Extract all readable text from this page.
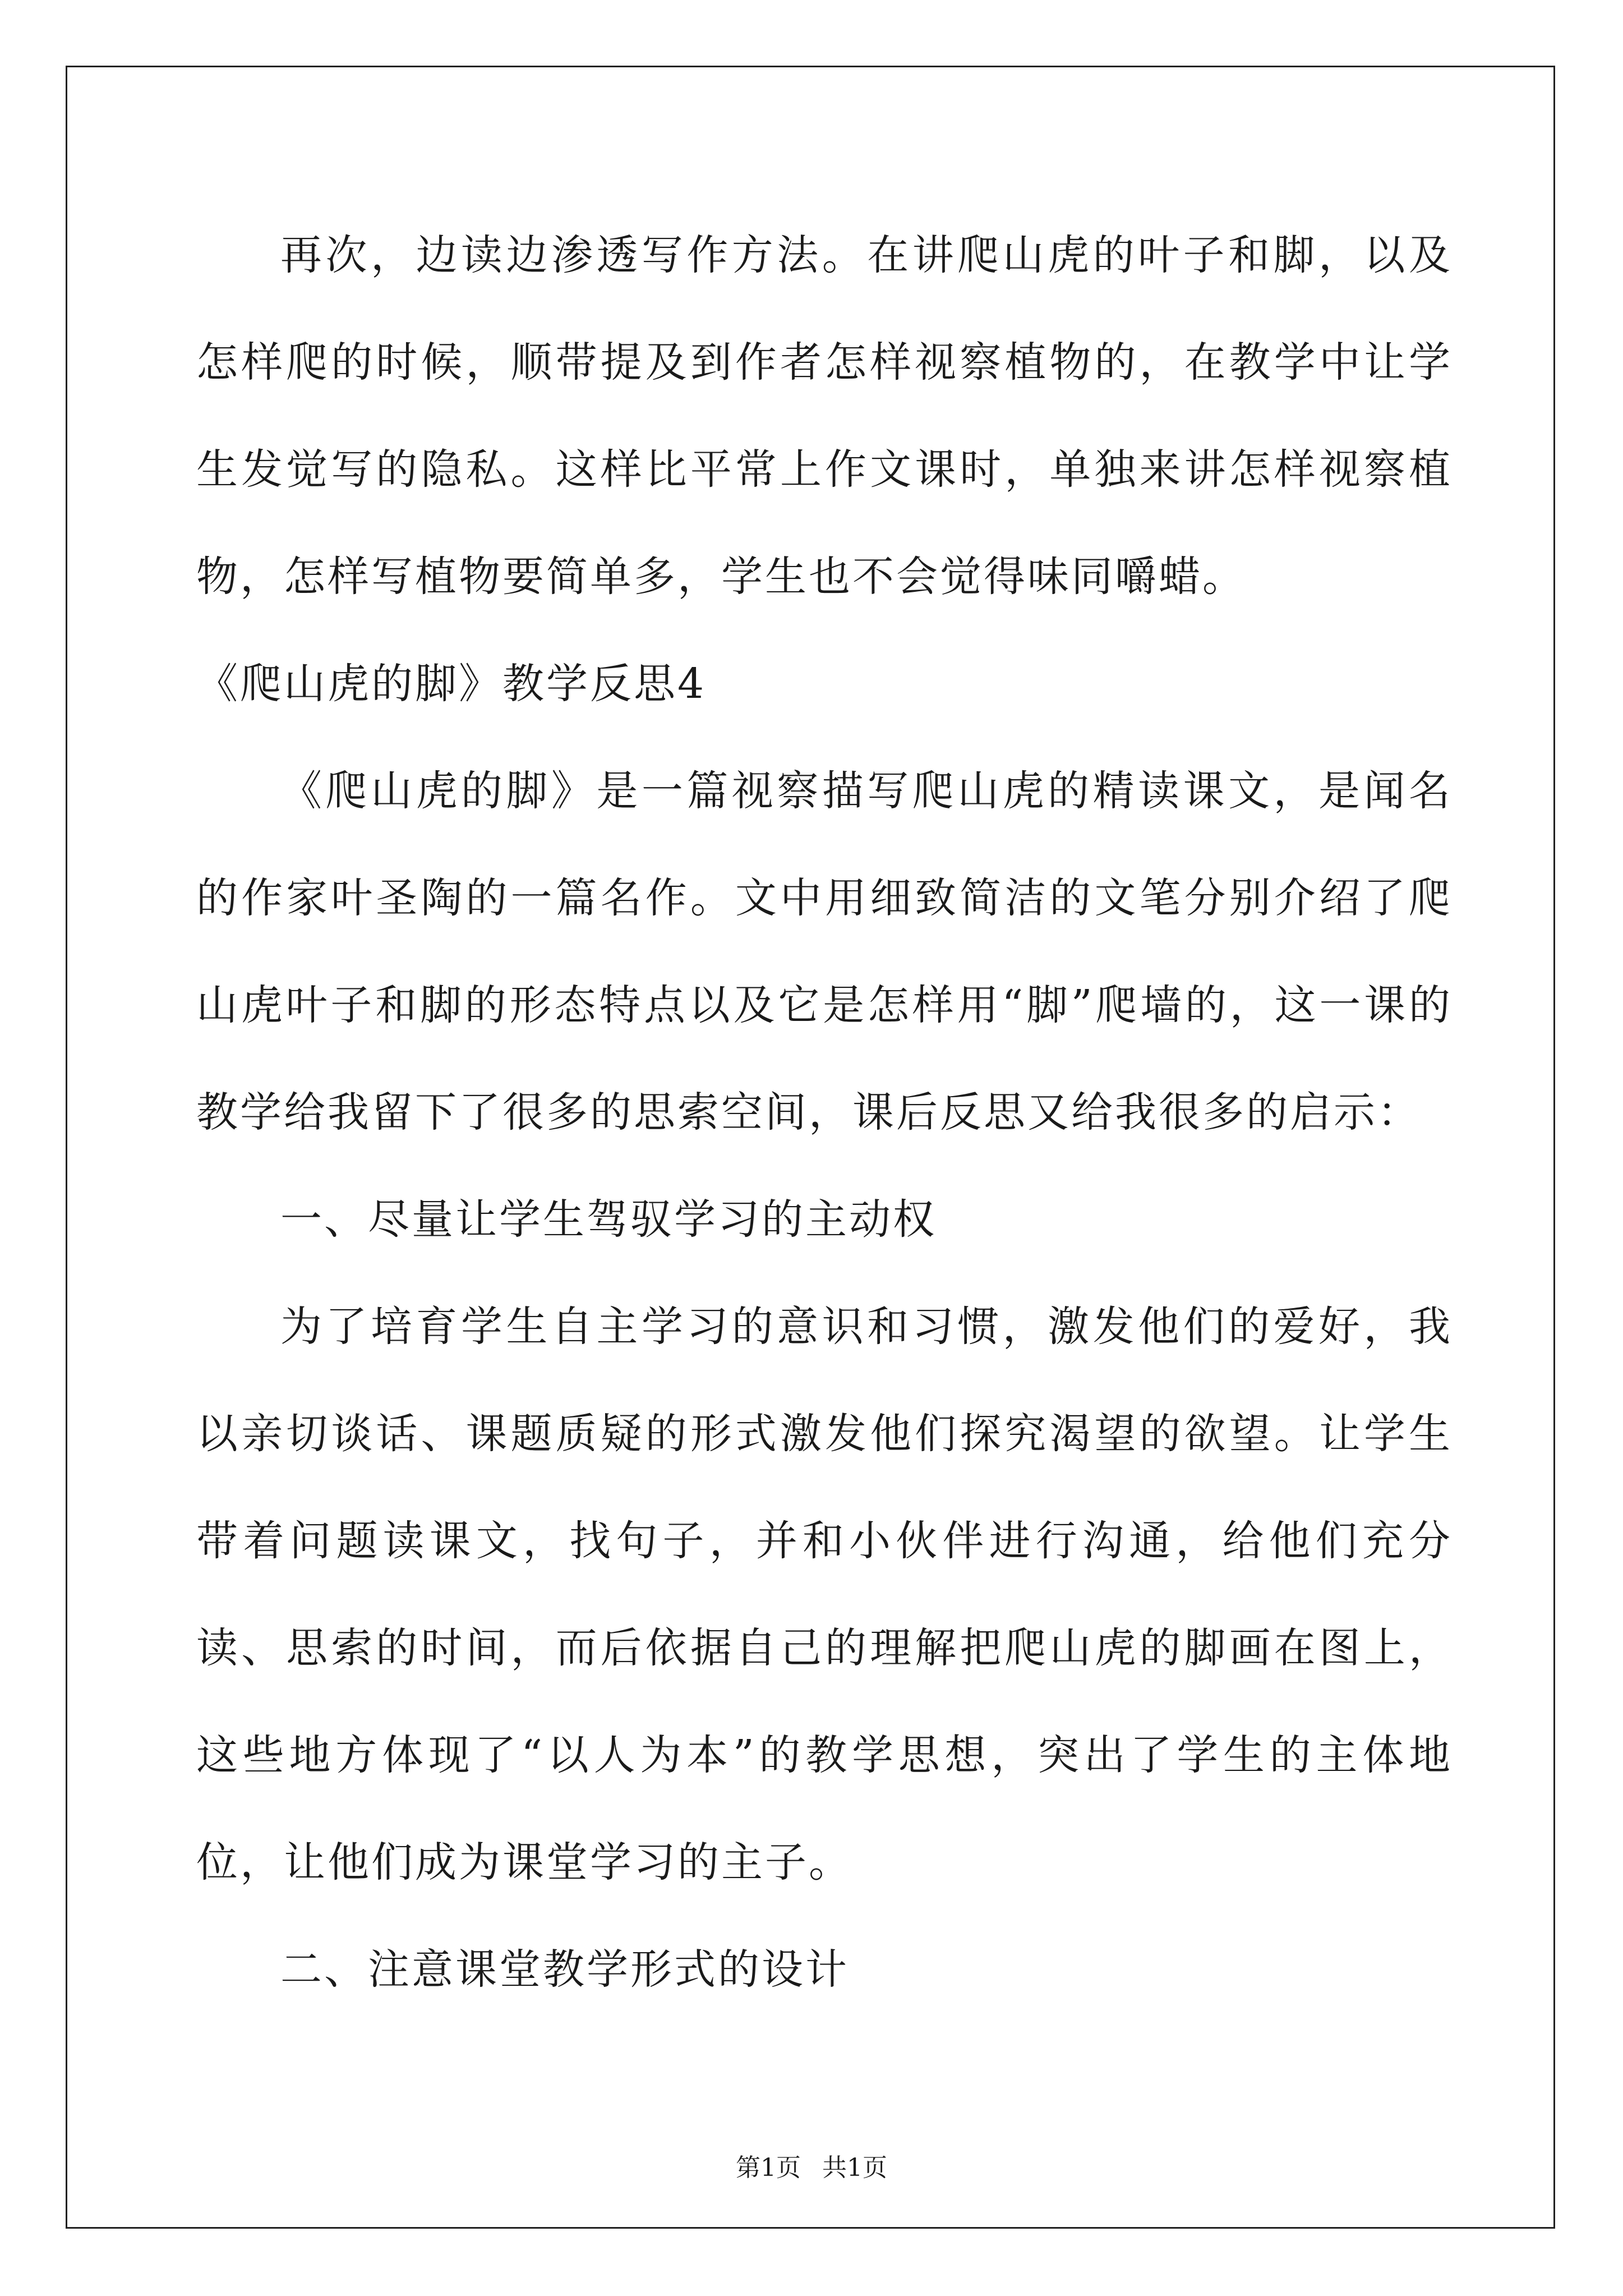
再次，边读边渗透写作方法。在讲爬山虎的叶子和脚，以及怎样爬的时候，顺带提及到作者怎样视察植物的，在教学中让学生发觉写的隐私。这样比平常上作文课时，单独来讲怎样视察植物，怎样写植物要简单多，学生也不会觉得味同嚼蜡。

《爬山虎的脚》教学反思4

《爬山虎的脚》是一篇视察描写爬山虎的精读课文，是闻名的作家叶圣陶的一篇名作。文中用细致简洁的文笔分别介绍了爬山虎叶子和脚的形态特点以及它是怎样用“脚”爬墙的，这一课的教学给我留下了很多的思索空间，课后反思又给我很多的启示：

一、尽量让学生驾驭学习的主动权

为了培育学生自主学习的意识和习惯，激发他们的爱好，我以亲切谈话、课题质疑的形式激发他们探究渴望的欲望。让学生带着问题读课文，找句子，并和小伙伴进行沟通，给他们充分读、思索的时间，而后依据自己的理解把爬山虎的脚画在图上，这些地方体现了“以人为本”的教学思想，突出了学生的主体地位，让他们成为课堂学习的主子。

二、注意课堂教学形式的设计

第1页 共1页
